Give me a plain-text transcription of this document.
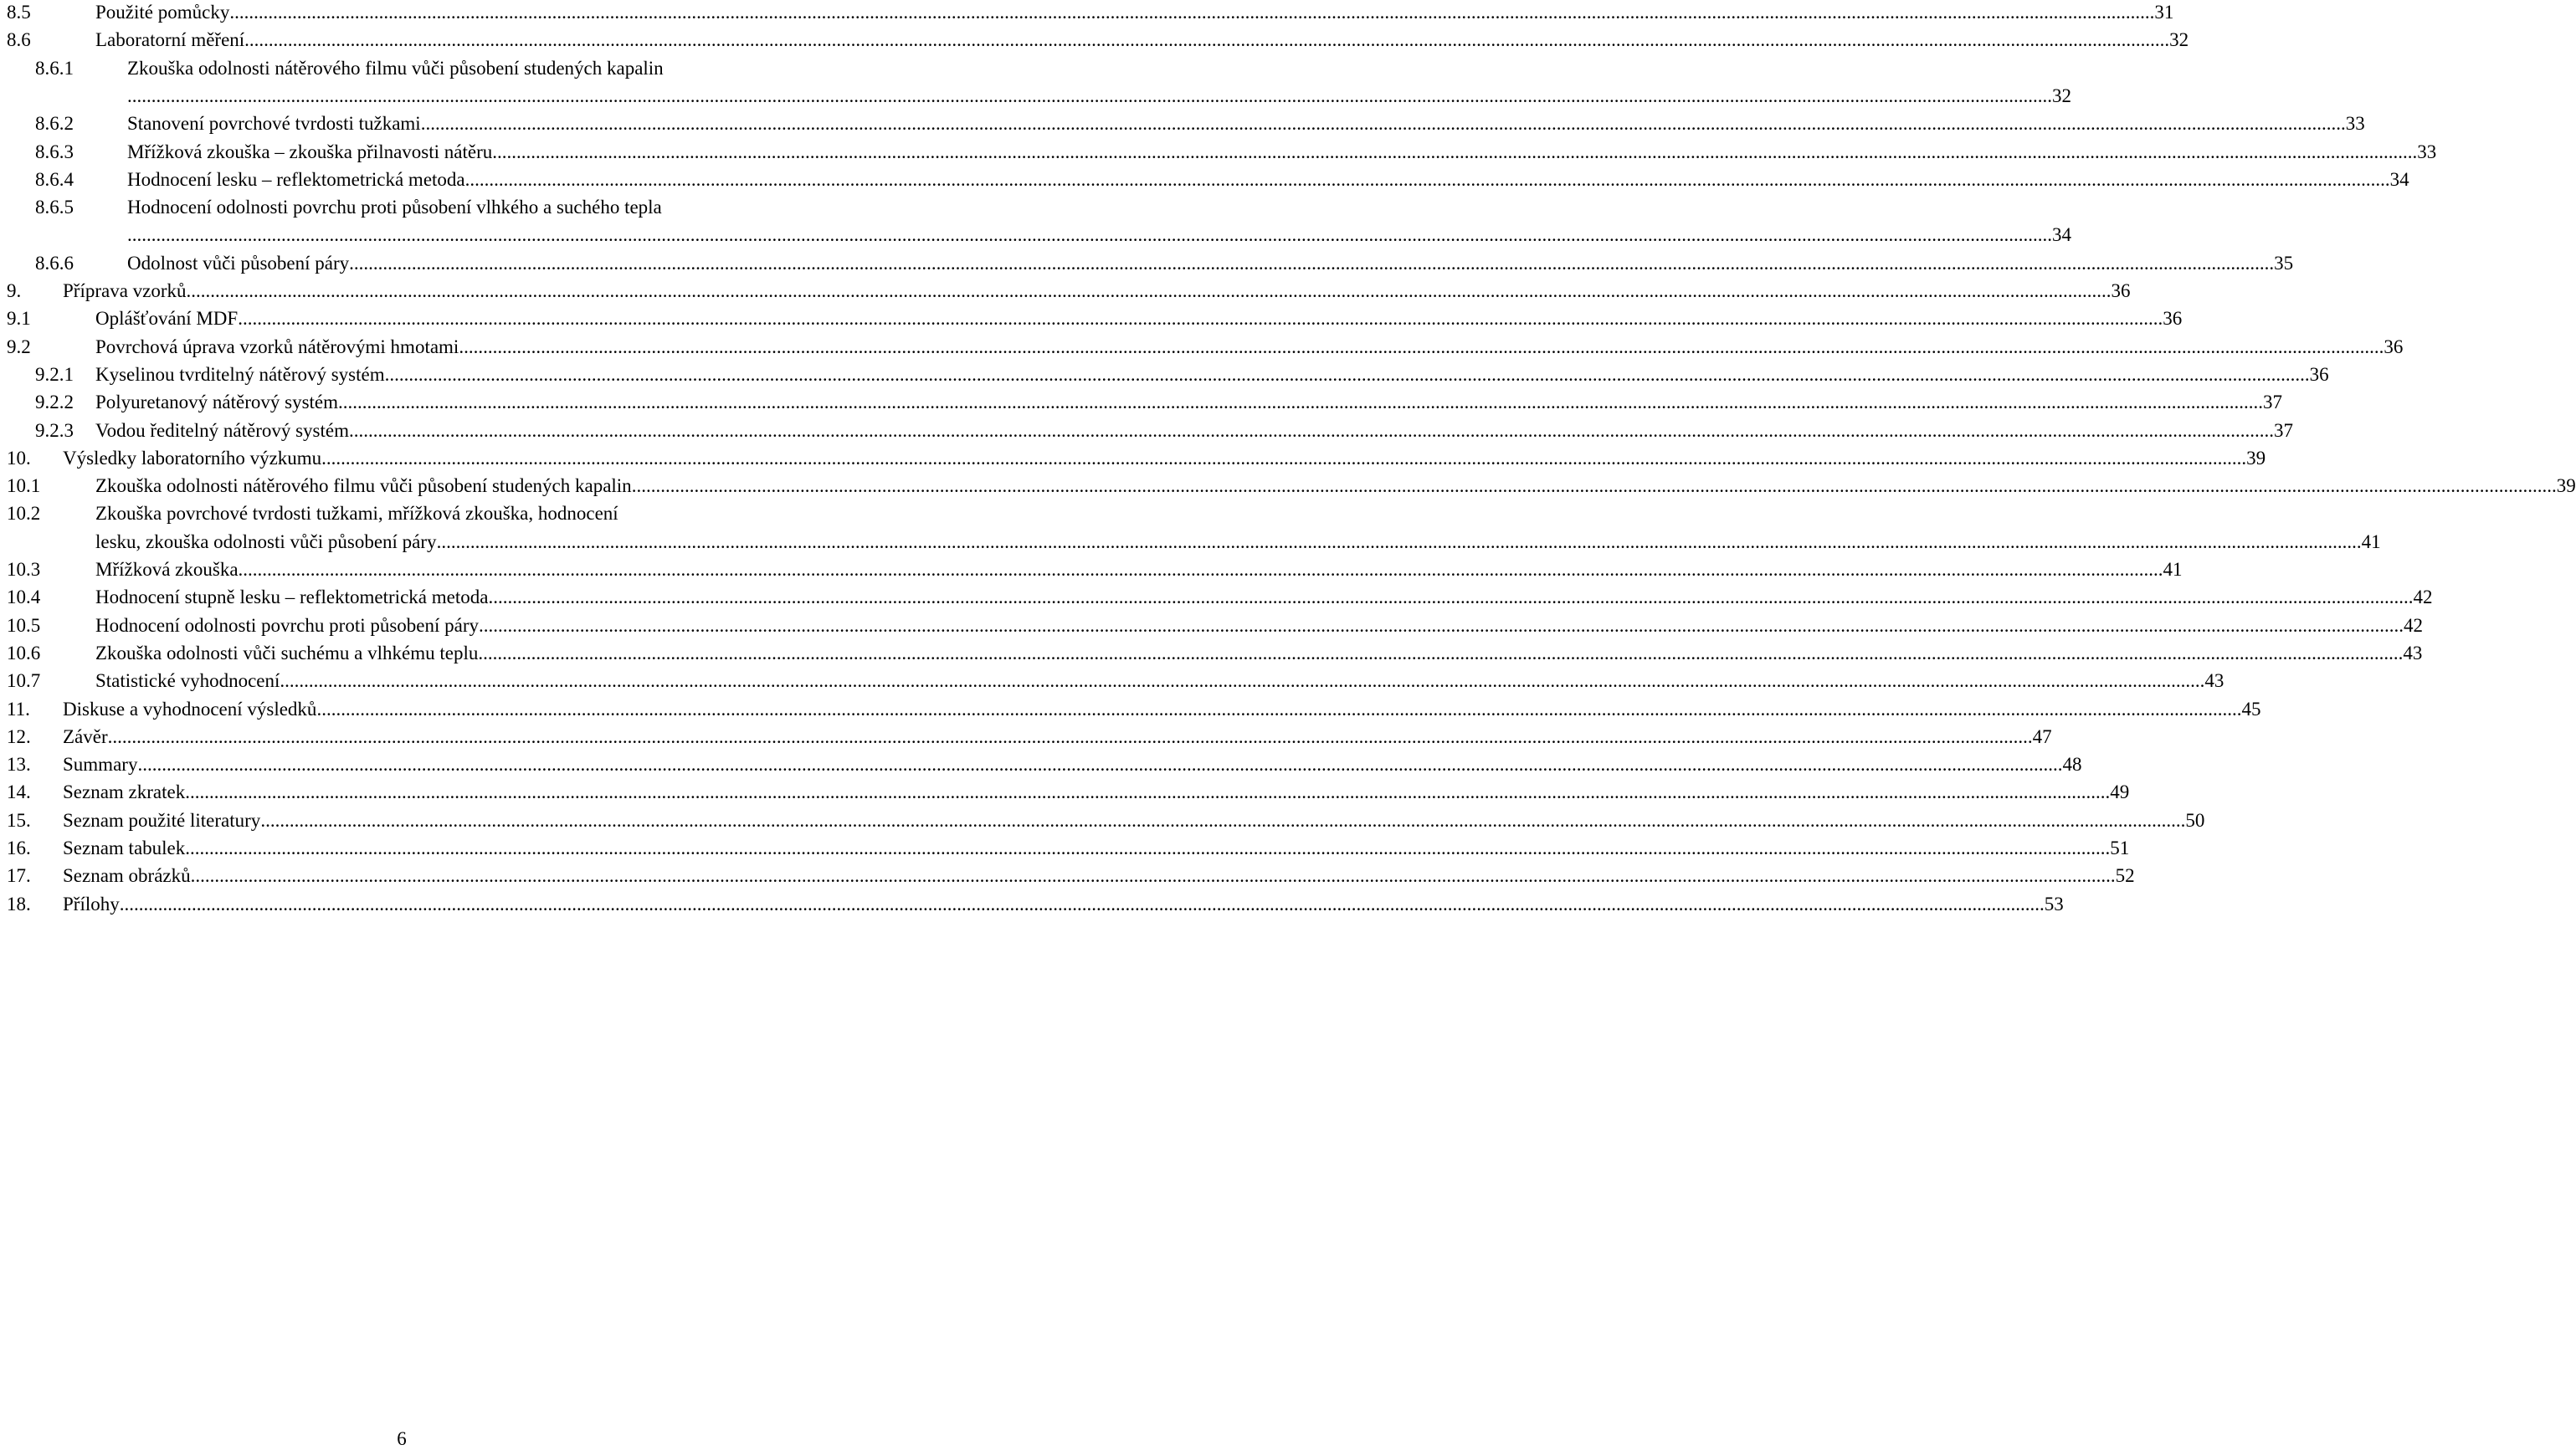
8.5	Použité pomůcky ................................................................................................................................................................................................................................................................................................................................................................................................................ 31
8.6	Laboratorní měření ................................................................................................................................................................................................................................................................................................................................................................................................................ 32
8.6.1	Zkouška odolnosti nátěrového filmu vůči působení studených kapalin
................................................................................................................................................................................................................................................................................................................................................................................................................ 32
8.6.2	Stanovení povrchové tvrdosti tužkami ................................................................................................................................................................................................................................................................................................................................................................................................................ 33
8.6.3	Mřížková zkouška – zkouška přilnavosti nátěru ................................................................................................................................................................................................................................................................................................................................................................................................................ 33
8.6.4	Hodnocení lesku – reflektometrická metoda ................................................................................................................................................................................................................................................................................................................................................................................................................ 34
8.6.5	Hodnocení odolnosti povrchu proti působení vlhkého a suchého tepla
................................................................................................................................................................................................................................................................................................................................................................................................................ 34
8.6.6	Odolnost vůči působení páry ................................................................................................................................................................................................................................................................................................................................................................................................................ 35
9. Příprava vzorků ................................................................................................................................................................................................................................................................................................................................................................................................................ 36
9.1	Oplášťování MDF ................................................................................................................................................................................................................................................................................................................................................................................................................ 36
9.2	Povrchová úprava vzorků nátěrovými hmotami ................................................................................................................................................................................................................................................................................................................................................................................................................ 36
9.2.1 Kyselinou tvrditelný nátěrový systém ................................................................................................................................................................................................................................................................................................................................................................................................................ 36
9.2.2 Polyuretanový nátěrový systém ................................................................................................................................................................................................................................................................................................................................................................................................................ 37
9.2.3 Vodou ředitelný nátěrový systém ................................................................................................................................................................................................................................................................................................................................................................................................................ 37
10. Výsledky laboratorního výzkumu ................................................................................................................................................................................................................................................................................................................................................................................................................ 39
10.1	Zkouška odolnosti nátěrového filmu vůči působení studených kapalin ................................................................................................................................................................................................................................................................................................................................................................................................................ 39
10.2	Zkouška povrchové tvrdosti tužkami, mřížková zkouška, hodnocení
lesku, zkouška odolnosti vůči působení páry ................................................................................................................................................................................................................................................................................................................................................................................................................ 41
10.3	Mřížková zkouška ................................................................................................................................................................................................................................................................................................................................................................................................................ 41
10.4	Hodnocení stupně lesku – reflektometrická metoda ................................................................................................................................................................................................................................................................................................................................................................................................................ 42
10.5	Hodnocení odolnosti povrchu proti působení páry ................................................................................................................................................................................................................................................................................................................................................................................................................ 42
10.6	Zkouška odolnosti vůči suchému a vlhkému teplu ................................................................................................................................................................................................................................................................................................................................................................................................................ 43
10.7	Statistické vyhodnocení ................................................................................................................................................................................................................................................................................................................................................................................................................ 43
11. Diskuse a vyhodnocení výsledků ................................................................................................................................................................................................................................................................................................................................................................................................................ 45
12. Závěr ................................................................................................................................................................................................................................................................................................................................................................................................................ 47
13. Summary ................................................................................................................................................................................................................................................................................................................................................................................................................ 48
14. Seznam zkratek ................................................................................................................................................................................................................................................................................................................................................................................................................ 49
15. Seznam použité literatury ................................................................................................................................................................................................................................................................................................................................................................................................................ 50
16. Seznam tabulek ................................................................................................................................................................................................................................................................................................................................................................................................................ 51
17. Seznam obrázků ................................................................................................................................................................................................................................................................................................................................................................................................................ 52
18. Přílohy ................................................................................................................................................................................................................................................................................................................................................................................................................ 53
6
